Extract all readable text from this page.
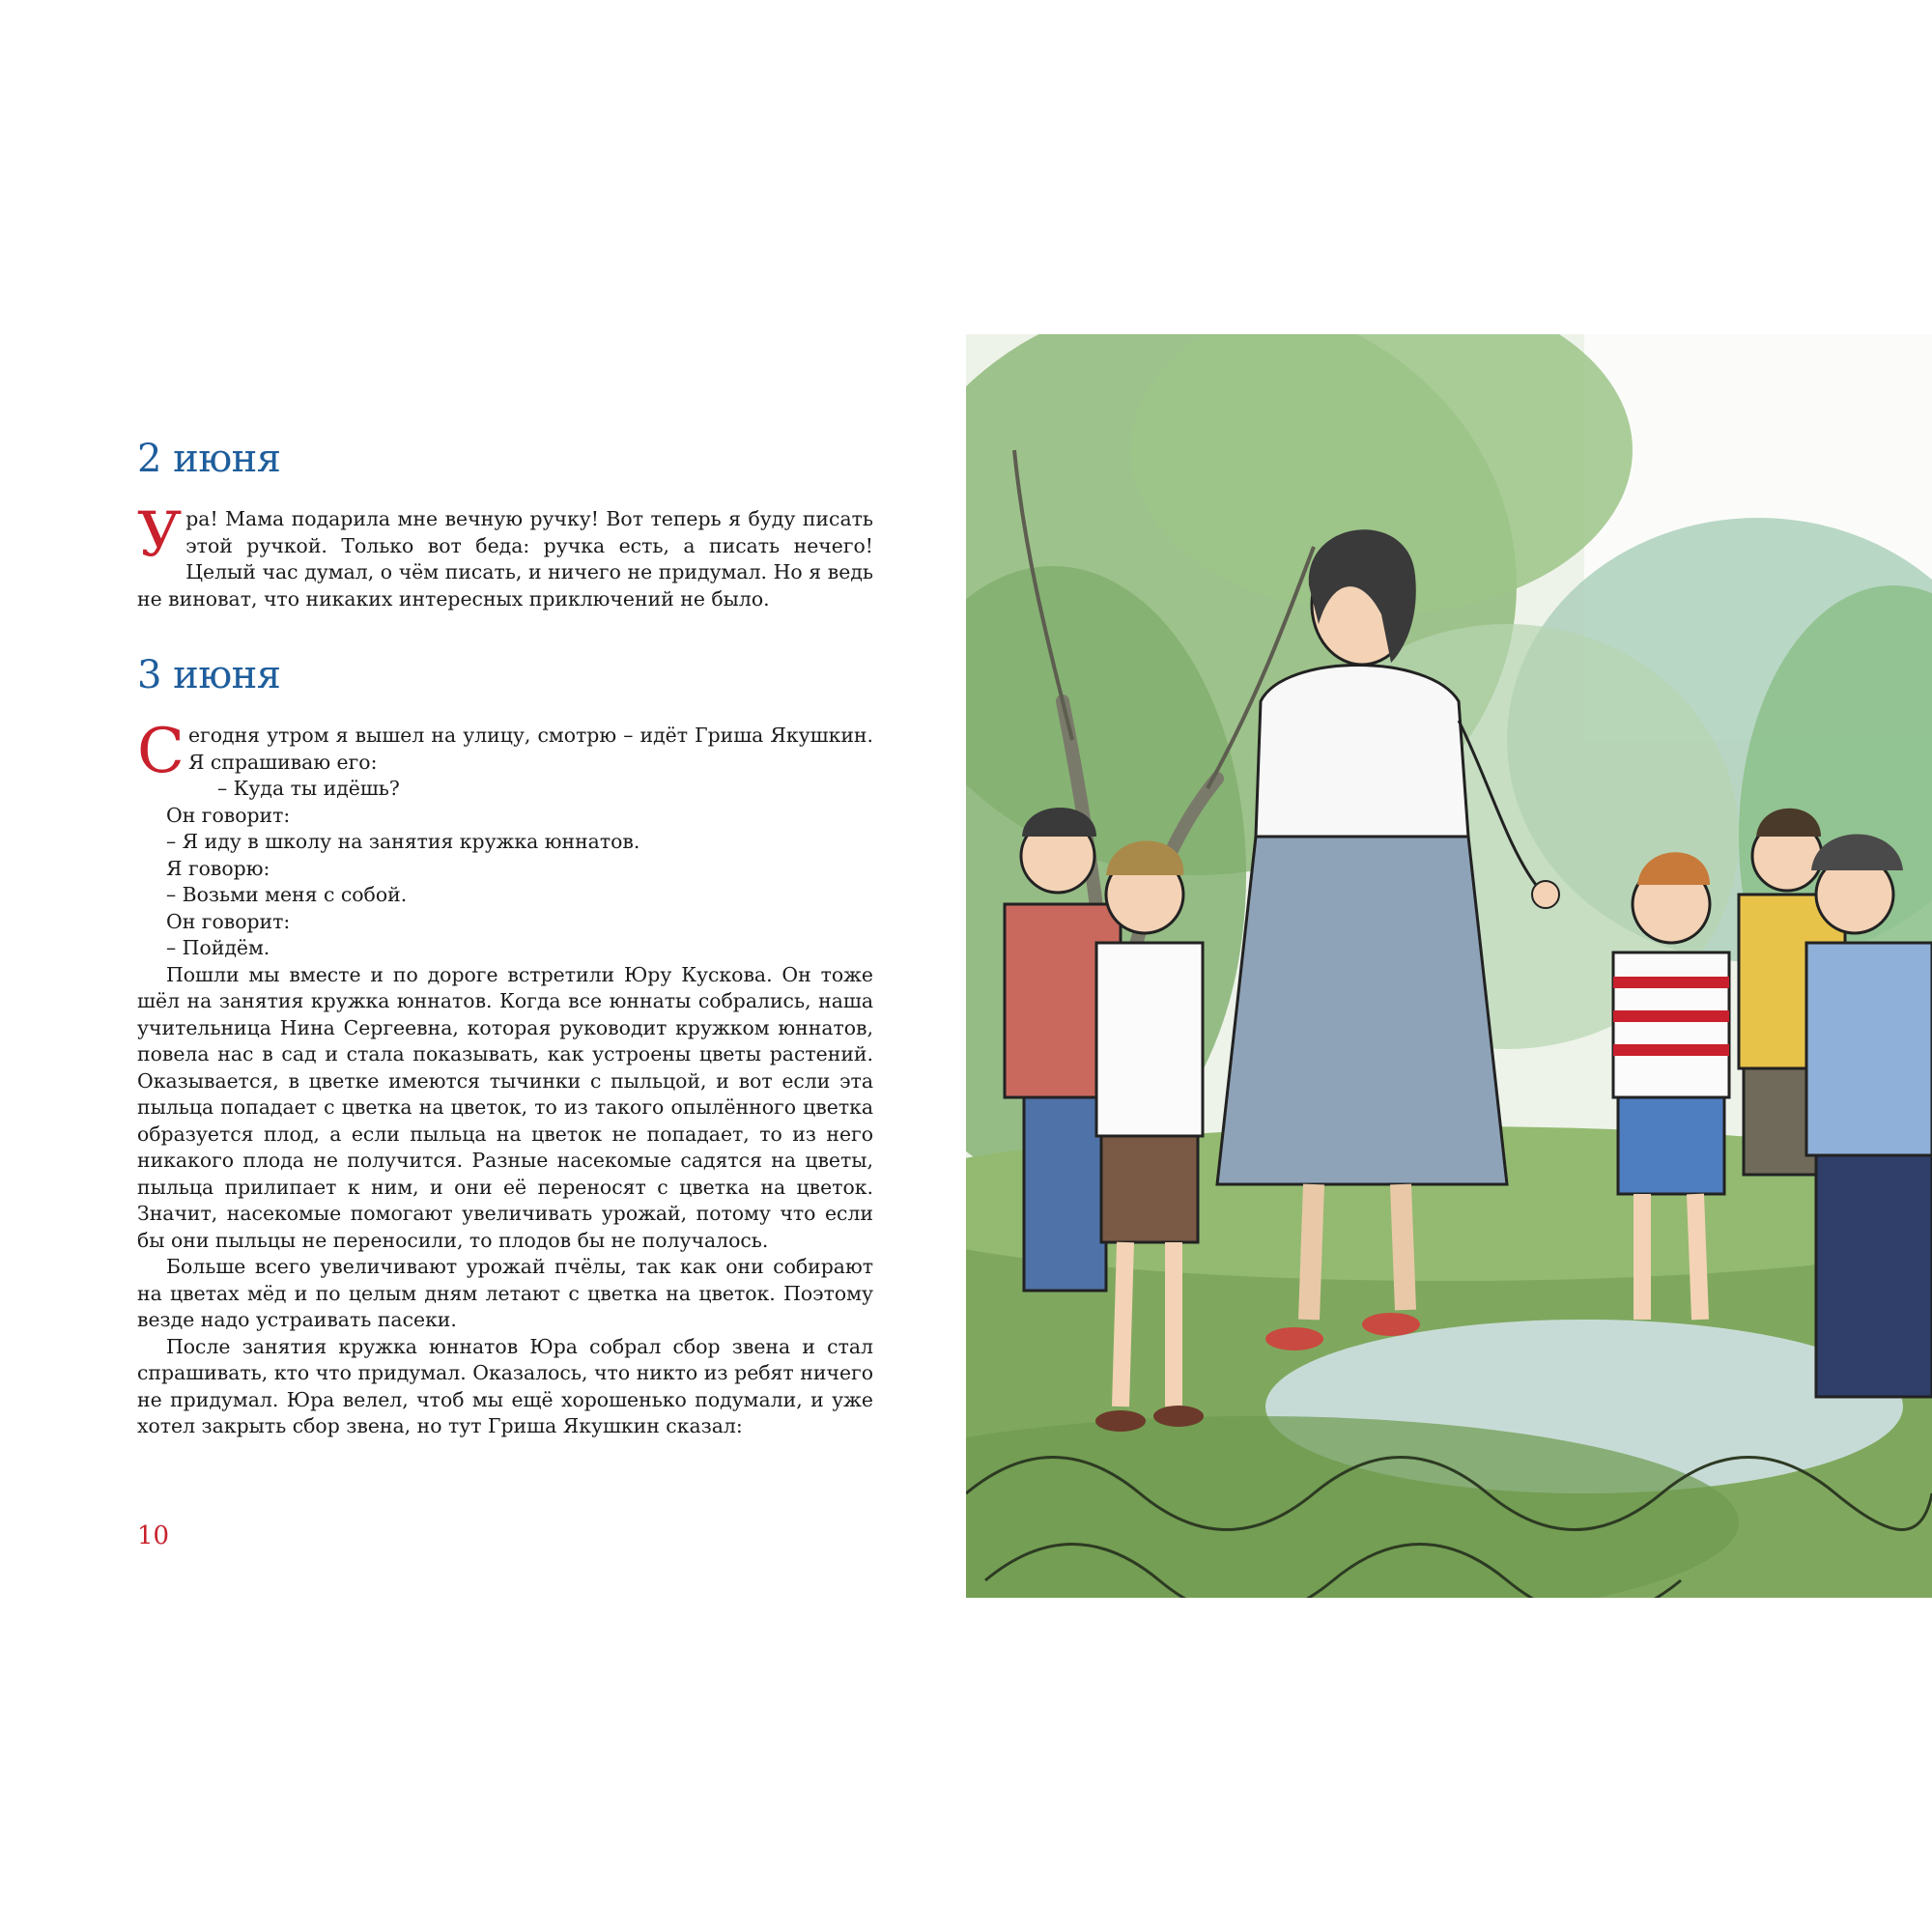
2 июня

Ура! Мама подарила мне вечную ручку! Вот теперь я буду писать этой ручкой. Только вот беда: ручка есть, а писать нечего! Целый час думал, о чём писать, и ничего не придумал. Но я ведь не виноват, что никаких интересных приключений не было.

3 июня

Сегодня утром я вышел на улицу, смотрю – идёт Гриша Якушкин. Я спрашиваю его:

– Куда ты идёшь?

Он говорит:

– Я иду в школу на занятия кружка юннатов.

Я говорю:

– Возьми меня с собой.

Он говорит:

– Пойдём.

Пошли мы вместе и по дороге встретили Юру Кускова. Он тоже шёл на занятия кружка юннатов. Когда все юннаты собрались, наша учительница Нина Сергеевна, которая руководит кружком юннатов, повела нас в сад и стала показывать, как устроены цветы растений. Оказывается, в цветке имеются тычинки с пыльцой, и вот если эта пыльца попадает с цветка на цветок, то из такого опылённого цветка образуется плод, а если пыльца на цветок не попадает, то из него никакого плода не получится. Разные насекомые садятся на цветы, пыльца прилипает к ним, и они её переносят с цветка на цветок. Значит, насекомые помогают увеличивать урожай, потому что если бы они пыльцы не переносили, то плодов бы не получалось.

Больше всего увеличивают урожай пчёлы, так как они собирают на цветах мёд и по целым дням летают с цветка на цветок. Поэтому везде надо устраивать пасеки.

После занятия кружка юннатов Юра собрал сбор звена и стал спрашивать, кто что придумал. Оказалось, что никто из ребят ничего не придумал. Юра велел, чтоб мы ещё хорошенько подумали, и уже хотел закрыть сбор звена, но тут Гриша Якушкин сказал:

10
